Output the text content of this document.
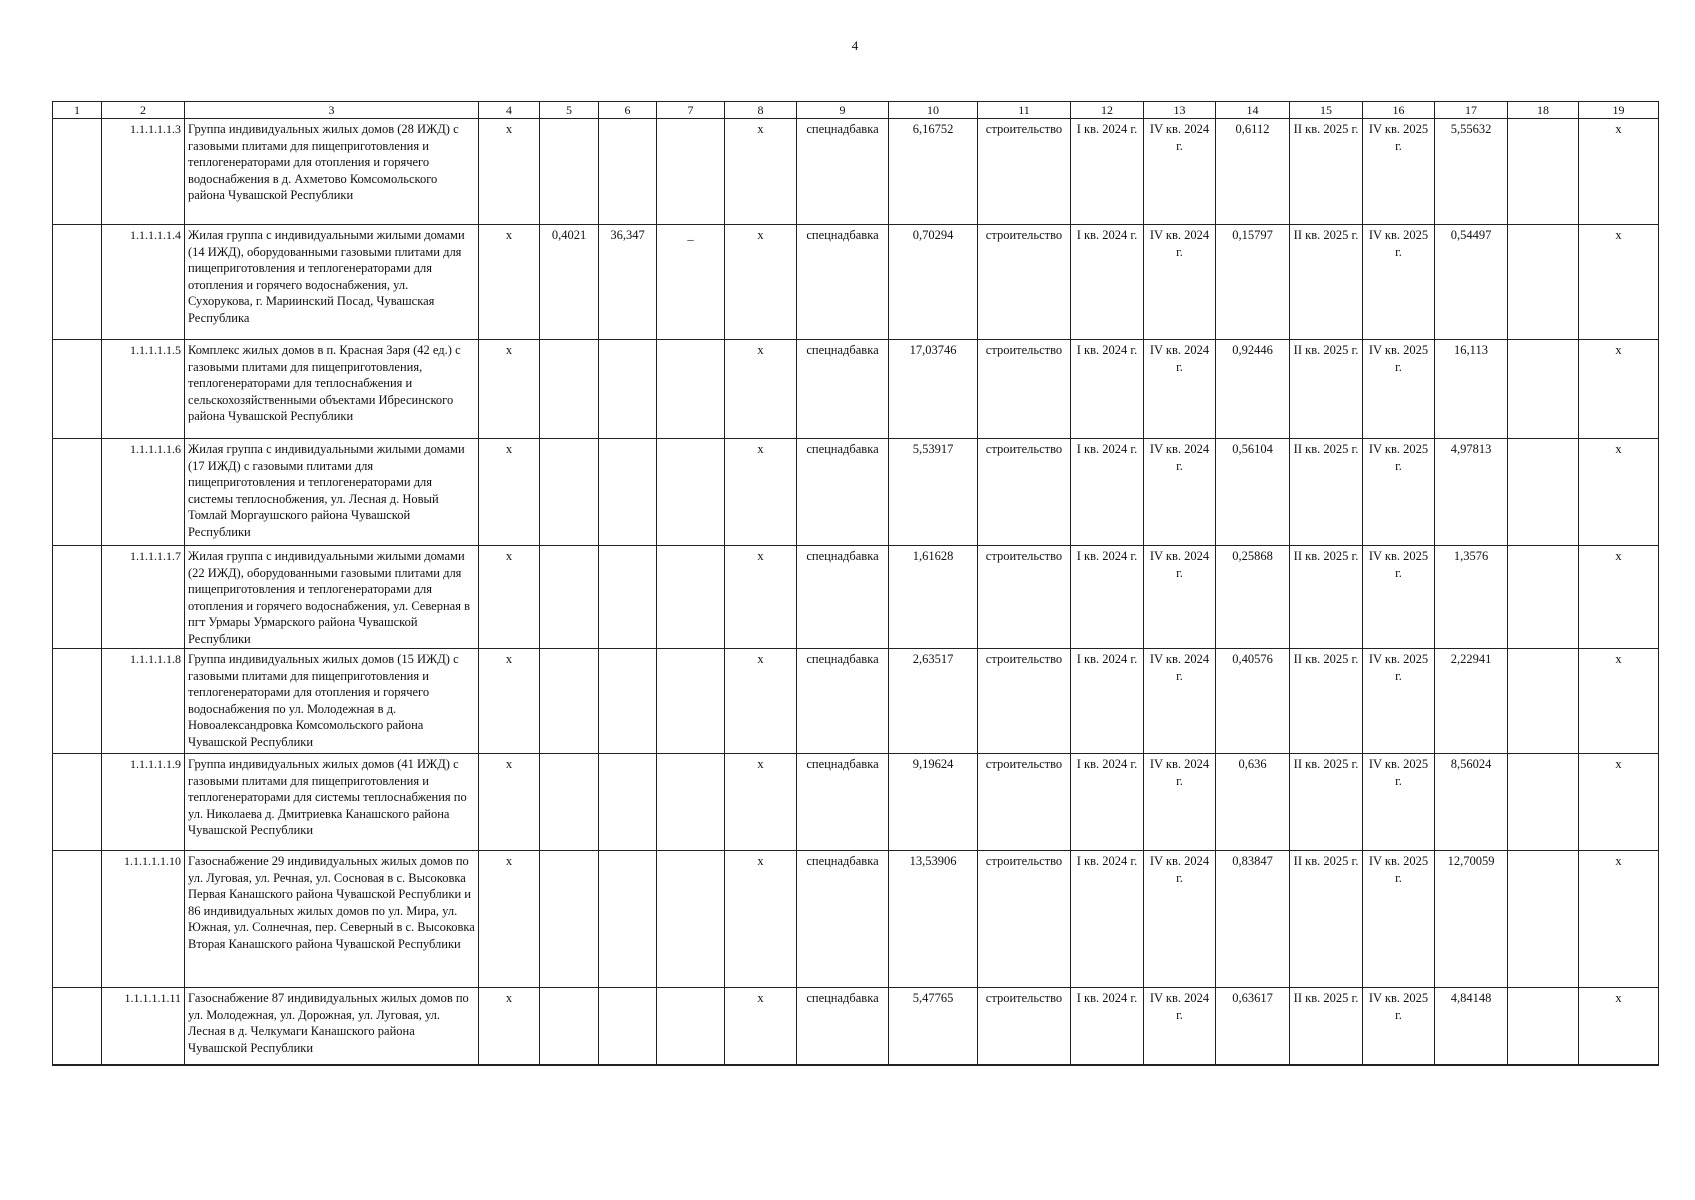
4
1	2	3	4	5	6	7	8	9	10	11	12	13	14	15	16	17	18	19
	1.1.1.1.1.3	Группа индивидуальных жилых домов (28 ИЖД) с газовыми плитами для пищеприготовления и теплогенераторами для отопления и горячего водоснабжения в д. Ахметово Комсомольского района Чувашской Республики	x				x	спецнадбавка	6,16752	строительство	I кв. 2024 г.	IV кв. 2024 г.	0,6112	II кв. 2025 г.	IV кв. 2025 г.	5,55632		x
	1.1.1.1.1.4	Жилая группа с индивидуальными жилыми домами (14 ИЖД), оборудованными газовыми плитами для пищеприготовления и теплогенераторами для отопления и горячего водоснабжения, ул. Сухорукова, г. Мариинский Посад, Чувашская Республика	x	0,4021	36,347	_	x	спецнадбавка	0,70294	строительство	I кв. 2024 г.	IV кв. 2024 г.	0,15797	II кв. 2025 г.	IV кв. 2025 г.	0,54497		x
	1.1.1.1.1.5	Комплекс жилых домов в п. Красная Заря (42 ед.) с газовыми плитами для пищеприготовления, теплогенераторами для теплоснабжения и сельскохозяйственными объектами Ибресинского района Чувашской Республики	x				x	спецнадбавка	17,03746	строительство	I кв. 2024 г.	IV кв. 2024 г.	0,92446	II кв. 2025 г.	IV кв. 2025 г.	16,113		x
	1.1.1.1.1.6	Жилая группа с индивидуальными жилыми домами (17 ИЖД) с газовыми плитами для пищеприготовления и теплогенераторами для системы теплоснобжения, ул. Лесная д. Новый Томлай Моргаушского района Чувашской Республики	x				x	спецнадбавка	5,53917	строительство	I кв. 2024 г.	IV кв. 2024 г.	0,56104	II кв. 2025 г.	IV кв. 2025 г.	4,97813		x
	1.1.1.1.1.7	Жилая группа с индивидуальными жилыми домами (22 ИЖД), оборудованными газовыми плитами для пищеприготовления и теплогенераторами для отопления и горячего водоснабжения, ул. Северная в пгт Урмары Урмарского района Чувашской Республики	x				x	спецнадбавка	1,61628	строительство	I кв. 2024 г.	IV кв. 2024 г.	0,25868	II кв. 2025 г.	IV кв. 2025 г.	1,3576		x
	1.1.1.1.1.8	Группа индивидуальных жилых домов (15 ИЖД) с газовыми плитами для пищеприготовления и теплогенераторами для отопления и горячего водоснабжения по ул. Молодежная в д. Новоалександровка Комсомольского района Чувашской Республики	x				x	спецнадбавка	2,63517	строительство	I кв. 2024 г.	IV кв. 2024 г.	0,40576	II кв. 2025 г.	IV кв. 2025 г.	2,22941		x
	1.1.1.1.1.9	Группа индивидуальных жилых домов (41 ИЖД) с газовыми плитами для пищеприготовления и теплогенераторами для системы теплоснабжения по ул. Николаева д. Дмитриевка Канашского района Чувашской Республики	x				x	спецнадбавка	9,19624	строительство	I кв. 2024 г.	IV кв. 2024 г.	0,636	II кв. 2025 г.	IV кв. 2025 г.	8,56024		x
	1.1.1.1.1.10	Газоснабжение 29 индивидуальных жилых домов по ул. Луговая, ул. Речная, ул. Сосновая в с. Высоковка Первая Канашского района Чувашской Республики и 86 индивидуальных жилых домов по ул. Мира, ул. Южная, ул. Солнечная, пер. Северный в с. Высоковка Вторая Канашского района Чувашской Республики	x				x	спецнадбавка	13,53906	строительство	I кв. 2024 г.	IV кв. 2024 г.	0,83847	II кв. 2025 г.	IV кв. 2025 г.	12,70059		x
	1.1.1.1.1.11	Газоснабжение 87 индивидуальных жилых домов по ул. Молодежная, ул. Дорожная, ул. Луговая, ул. Лесная в д. Челкумаги Канашского района Чувашской Республики	x				x	спецнадбавка	5,47765	строительство	I кв. 2024 г.	IV кв. 2024 г.	0,63617	II кв. 2025 г.	IV кв. 2025 г.	4,84148		x
